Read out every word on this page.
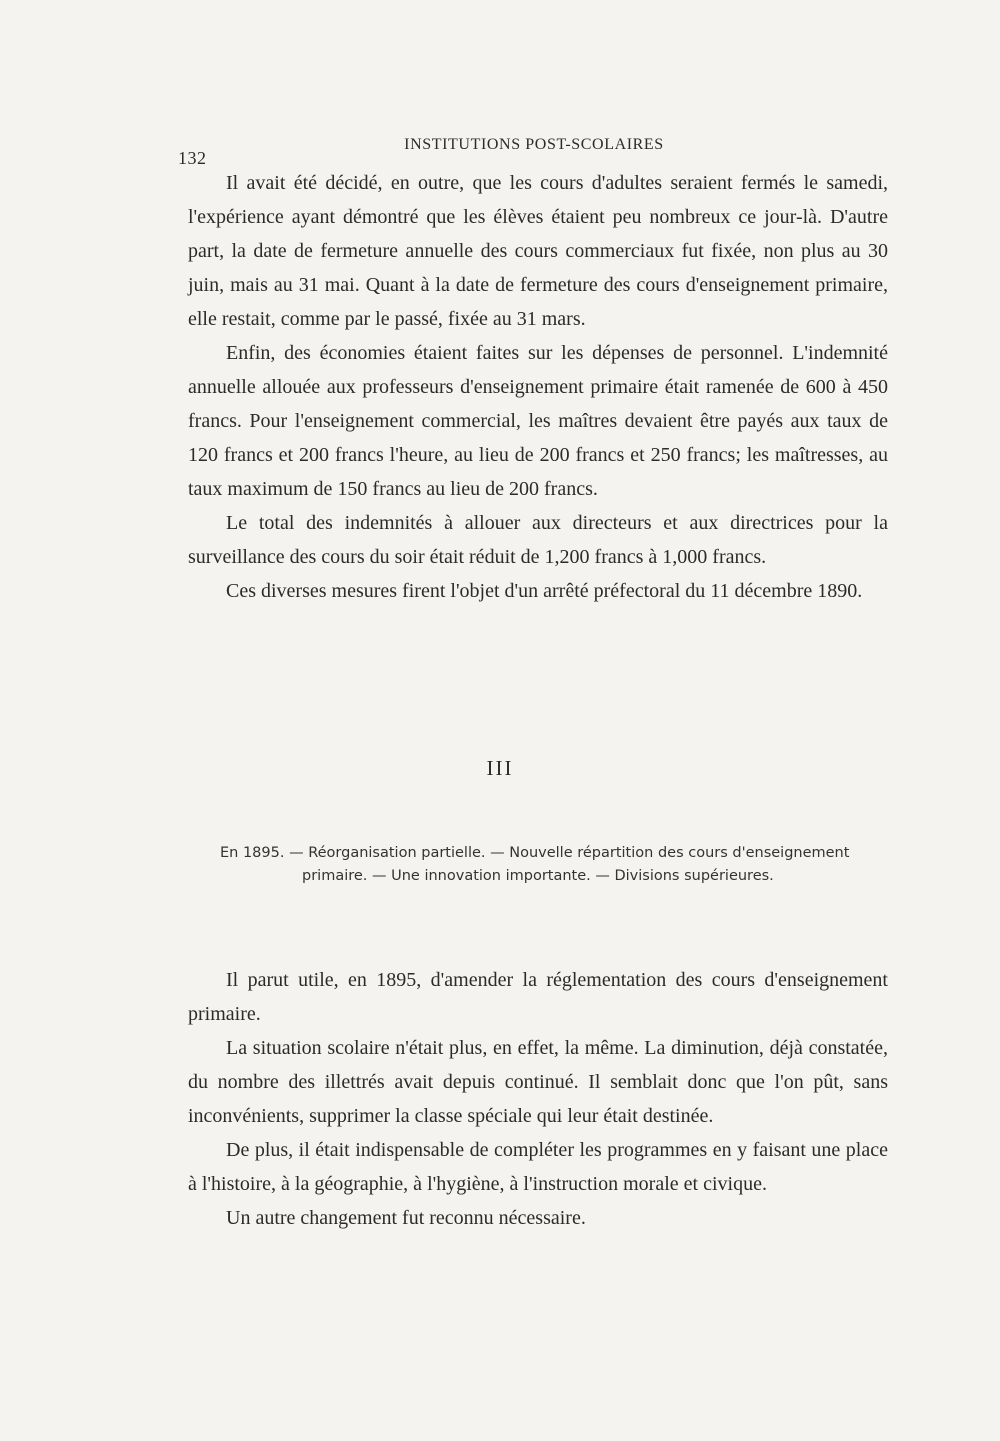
132
INSTITUTIONS POST-SCOLAIRES

Il avait été décidé, en outre, que les cours d'adultes seraient fermés le samedi, l'expérience ayant démontré que les élèves étaient peu nombreux ce jour-là. D'autre part, la date de fermeture annuelle des cours commerciaux fut fixée, non plus au 30 juin, mais au 31 mai. Quant à la date de fermeture des cours d'enseignement primaire, elle restait, comme par le passé, fixée au 31 mars.

Enfin, des économies étaient faites sur les dépenses de personnel. L'indemnité annuelle allouée aux professeurs d'enseignement primaire était ramenée de 600 à 450 francs. Pour l'enseignement commercial, les maîtres devaient être payés aux taux de 120 francs et 200 francs l'heure, au lieu de 200 francs et 250 francs; les maîtresses, au taux maximum de 150 francs au lieu de 200 francs.

Le total des indemnités à allouer aux directeurs et aux directrices pour la surveillance des cours du soir était réduit de 1,200 francs à 1,000 francs.

Ces diverses mesures firent l'objet d'un arrêté préfectoral du 11 décembre 1890.

III
En 1895. — Réorganisation partielle. — Nouvelle répartition des cours d'enseignement
primaire. — Une innovation importante. — Divisions supérieures.

Il parut utile, en 1895, d'amender la réglementation des cours d'enseignement primaire.

La situation scolaire n'était plus, en effet, la même. La diminution, déjà constatée, du nombre des illettrés avait depuis continué. Il semblait donc que l'on pût, sans inconvénients, supprimer la classe spéciale qui leur était destinée.

De plus, il était indispensable de compléter les programmes en y faisant une place à l'histoire, à la géographie, à l'hygiène, à l'instruction morale et civique.

Un autre changement fut reconnu nécessaire.
